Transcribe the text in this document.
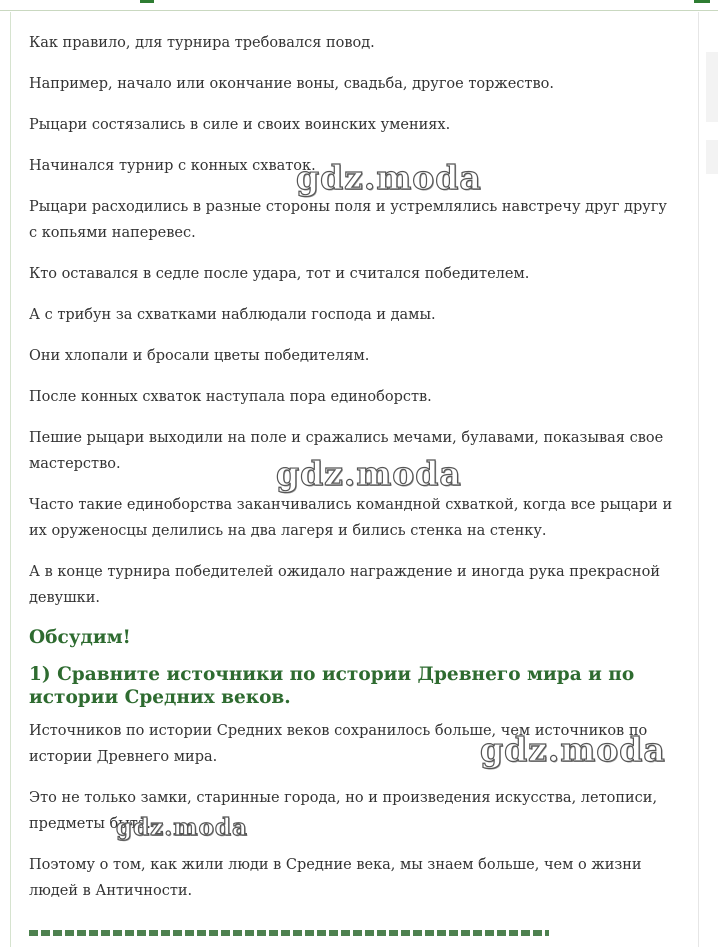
Как правило, для турнира требовался повод.

Например, начало или окончание воны, свадьба, другое торжество.

Рыцари состязались в силе и своих воинских умениях.

Начинался турнир с конных схваток.

Рыцари расходились в разные стороны поля и устремлялись навстречу друг другу с копьями наперевес.

Кто оставался в седле после удара, тот и считался победителем.

А с трибун за схватками наблюдали господа и дамы.

Они хлопали и бросали цветы победителям.

После конных схваток наступала пора единоборств.

Пешие рыцари выходили на поле и сражались мечами, булавами, показывая свое мастерство.

Часто такие единоборства заканчивались командной схваткой, когда все рыцари и их оруженосцы делились на два лагеря и бились стенка на стенку.

А в конце турнира победителей ожидало награждение и иногда рука прекрасной девушки.

Обсудим!
1) Сравните источники по истории Древнего мира и по истории Средних веков.

Источников по истории Средних веков сохранилось больше, чем источников по истории Древнего мира.

Это не только замки, старинные города, но и произведения искусства, летописи, предметы быта.

Поэтому о том, как жили люди в Средние века, мы знаем больше, чем о жизни людей в Античности.

gdz.moda
gdz.moda
gdz.moda
gdz.moda
